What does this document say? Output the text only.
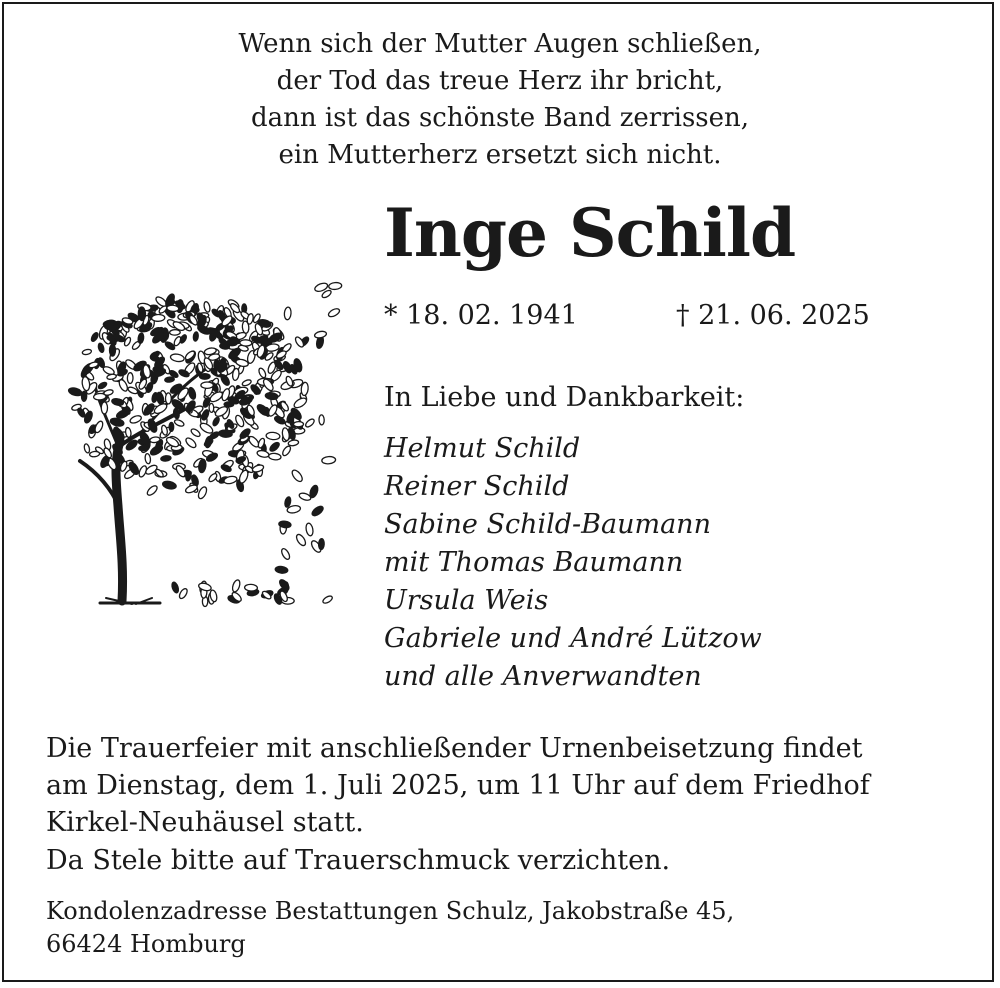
Wenn sich der Mutter Augen schließen,
der Tod das treue Herz ihr bricht,
dann ist das schönste Band zerrissen,
ein Mutterherz ersetzt sich nicht.
Inge Schild
* 18. 02. 1941	† 21. 06. 2025
In Liebe und Dankbarkeit:
Helmut Schild
Reiner Schild
Sabine Schild-Baumann
mit Thomas Baumann
Ursula Weis
Gabriele und André Lützow
und alle Anverwandten
Die Trauerfeier mit anschließender Urnenbeisetzung findet
am Dienstag, dem 1. Juli 2025, um 11 Uhr auf dem Friedhof
Kirkel-Neuhäusel statt.
Da Stele bitte auf Trauerschmuck verzichten.
Kondolenzadresse Bestattungen Schulz, Jakobstraße 45,
66424 Homburg
